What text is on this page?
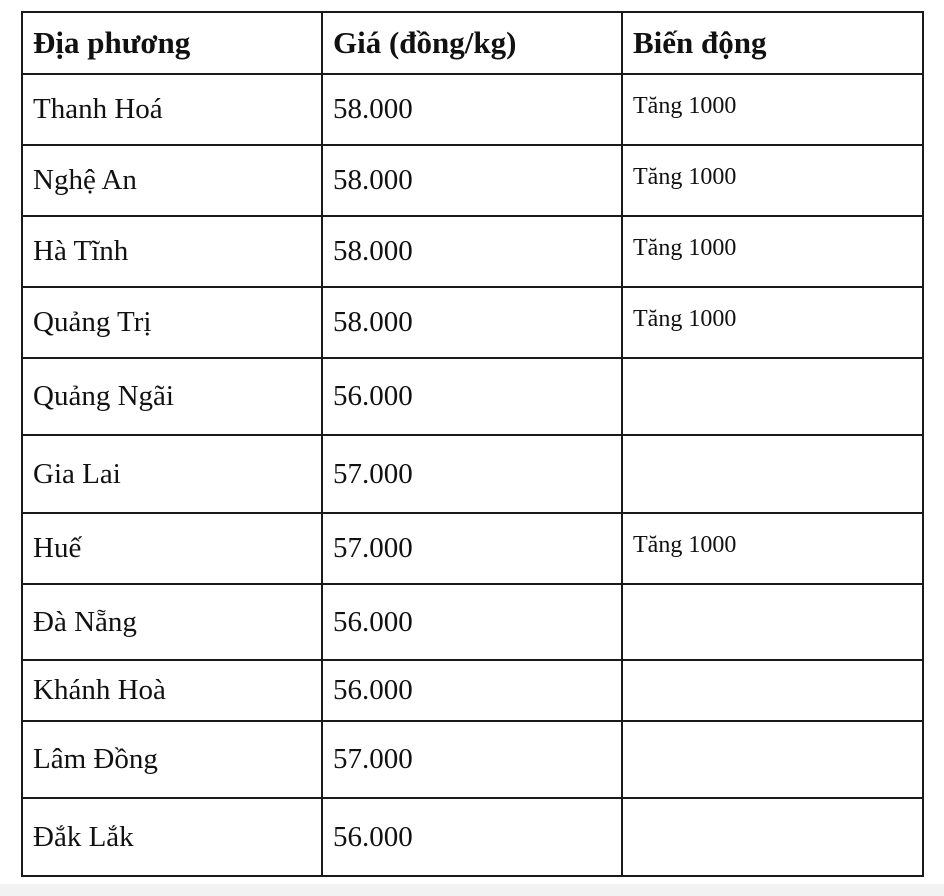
Địa phương	Giá (đồng/kg)	Biến động
Thanh Hoá	58.000	Tăng 1000
Nghệ An	58.000	Tăng 1000
Hà Tĩnh	58.000	Tăng 1000
Quảng Trị	58.000	Tăng 1000
Quảng Ngãi	56.000	
Gia Lai	57.000	
Huế	57.000	Tăng 1000
Đà Nẵng	56.000	
Khánh Hoà	56.000	
Lâm Đồng	57.000	
Đắk Lắk	56.000	
